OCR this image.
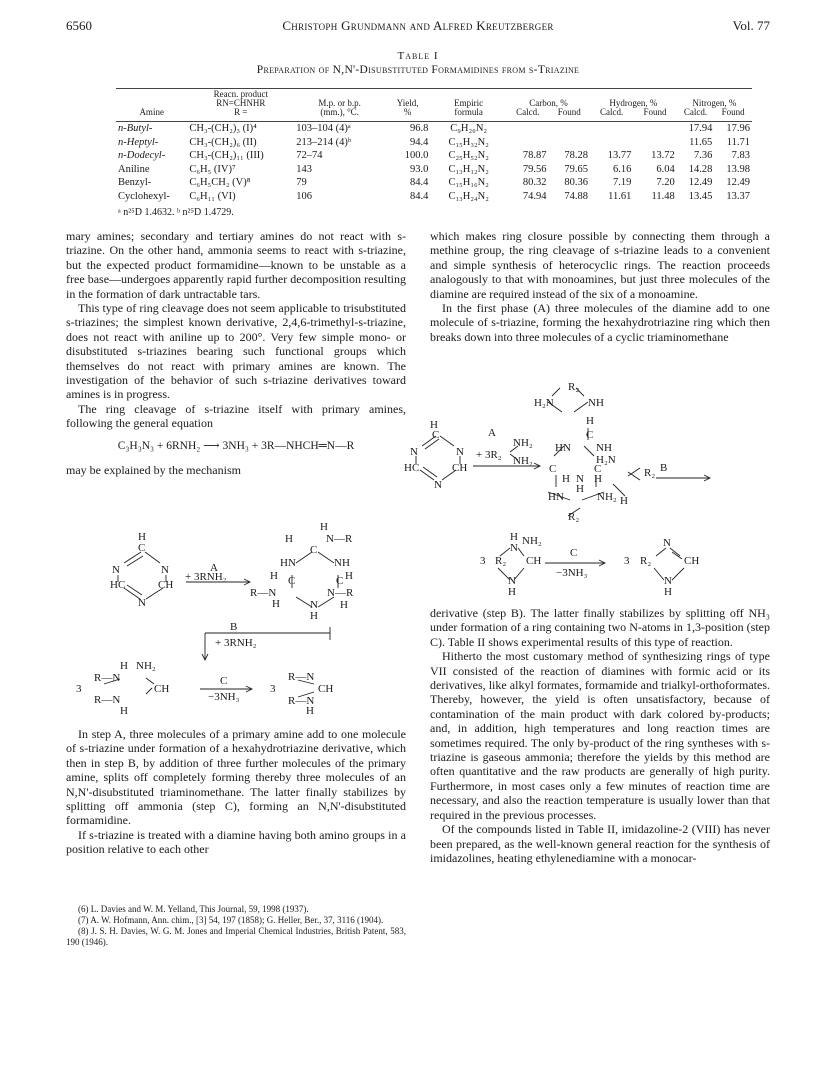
6560	Christoph Grundmann and Alfred Kreutzberger	Vol. 77
Table I
Preparation of N,N'-Disubstituted Formamidines from s-Triazine

	Reacn. product
RN=CHNHR	M.p. or b.p.	Yield,	Empiric	Carbon, %		Hydrogen, %		Nitrogen, %	
Amine	R =	(mm.), °C.	%	formula	Calcd.	Found	Calcd.	Found	Calcd.	Found

n-Butyl-	CH₃-(CH₂)₃ (I)⁴	103–104 (4)ᵃ	96.8	C₉H₂₀N₂					17.94	17.96
n-Heptyl-	CH₃-(CH₂)₆ (II)	213–214 (4)ᵇ	94.4	C₁₅H₃₂N₂					11.65	11.71
n-Dodecyl-	CH₃-(CH₂)₁₁ (III)	72–74	100.0	C₂₅H₅₂N₂	78.87	78.28	13.77	13.72	7.36	7.83
Aniline	C₆H₅ (IV)⁷	143	93.0	C₁₃H₁₂N₂	79.56	79.65	6.16	6.04	14.28	13.98
Benzyl-	C₆H₅CH₂ (V)⁸	79	84.4	C₁₅H₁₆N₂	80.32	80.36	7.19	7.20	12.49	12.49
Cyclohexyl-	C₆H₁₁ (VI)	106	84.4	C₁₃H₂₄N₂	74.94	74.88	11.61	11.48	13.45	13.37
ᵃ n²⁵D 1.4632. ᵇ n²⁵D 1.4729.

mary amines; secondary and tertiary amines do not react with s-triazine. On the other hand, ammonia seems to react with s-triazine, but the expected product formamidine—known to be unstable as a free base—undergoes apparently rapid further decomposition resulting in the formation of dark untractable tars.

This type of ring cleavage does not seem applicable to trisubstituted s-triazines; the simplest known derivative, 2,4,6-trimethyl-s-triazine, does not react with aniline up to 200°. Very few simple mono- or disubstituted s-triazines bearing such functional groups which themselves do not react with primary amines are known. The investigation of the behavior of such s-triazine derivatives toward amines is in progress.

The ring cleavage of s-triazine itself with primary amines, following the general equation

C₃H₃N₃ + 6RNH₂ ⟶ 3NH₃ + 3R—NHCH═N—R

may be explained by the mechanism

H
C
N	N
HC	CH
N
A
+ 3RNH₂
H
H
C
N—R
HN	NH
H C	C H
R—N	N—R
H	N H
H
B
+ 3RNH₂
H NH₂
R—N
3	CH
R—N
H
C
−3NH₃
3
R—N
CH
R—N
H

In step A, three molecules of a primary amine add to one molecule of s-triazine under formation of a hexahydrotriazine derivative, which then in step B, by addition of three further molecules of the primary amine, splits off completely forming thereby three molecules of an N,N'-disubstituted triaminomethane. The latter finally stabilizes by splitting off ammonia (step C), forming an N,N'-disubstituted formamidine.

If s-triazine is treated with a diamine having both amino groups in a position relative to each other

(6) L. Davies and W. M. Yelland, This Journal, 59, 1998 (1937).

(7) A. W. Hofmann, Ann. chim., [3] 54, 197 (1858); G. Heller, Ber., 37, 3116 (1904).

(8) J. S. H. Davies, W. G. M. Jones and Imperial Chemical Industries, British Patent, 583, 190 (1946).

which makes ring closure possible by connecting them through a methine group, the ring cleavage of s-triazine leads to a convenient and simple synthesis of heterocyclic rings. The reaction proceeds analogously to that with monoamines, but just three molecules of the diamine are required instead of the six of a monoamine.

In the first phase (A) three molecules of the diamine add to one molecule of s-triazine, forming the hexahydrotriazine ring which then breaks down into three molecules of a cyclic triaminomethane

H
C
N	N
HC	CH
N
A
+ 3R₂
NH₂
NH₂
R₂
H₂N	NH
H
C
HN NH
H₂N
C	C
H N H	R₂ B
H
HN	NH₂ H
R₂
H NH₂
N
3 R₂ CH
N
H
C
−3NH₃
3 R₂
N
CH
N
H

derivative (step B). The latter finally stabilizes by splitting off NH₃ under formation of a ring containing two N-atoms in 1,3-position (step C). Table II shows experimental results of this type of reaction.

Hitherto the most customary method of synthesizing rings of type VII consisted of the reaction of diamines with formic acid or its derivatives, like alkyl formates, formamide and trialkyl-orthoformates. Thereby, however, the yield is often unsatisfactory, because of contamination of the main product with dark colored by-products; and, in addition, high temperatures and long reaction times are sometimes required. The only by-product of the ring syntheses with s-triazine is gaseous ammonia; therefore the yields by this method are often quantitative and the raw products are generally of high purity. Furthermore, in most cases only a few minutes of reaction time are necessary, and also the reaction temperature is usually lower than that required in the previous processes.

Of the compounds listed in Table II, imidazoline-2 (VIII) has never been prepared, as the well-known general reaction for the synthesis of imidazolines, heating ethylenediamine with a monocar-
